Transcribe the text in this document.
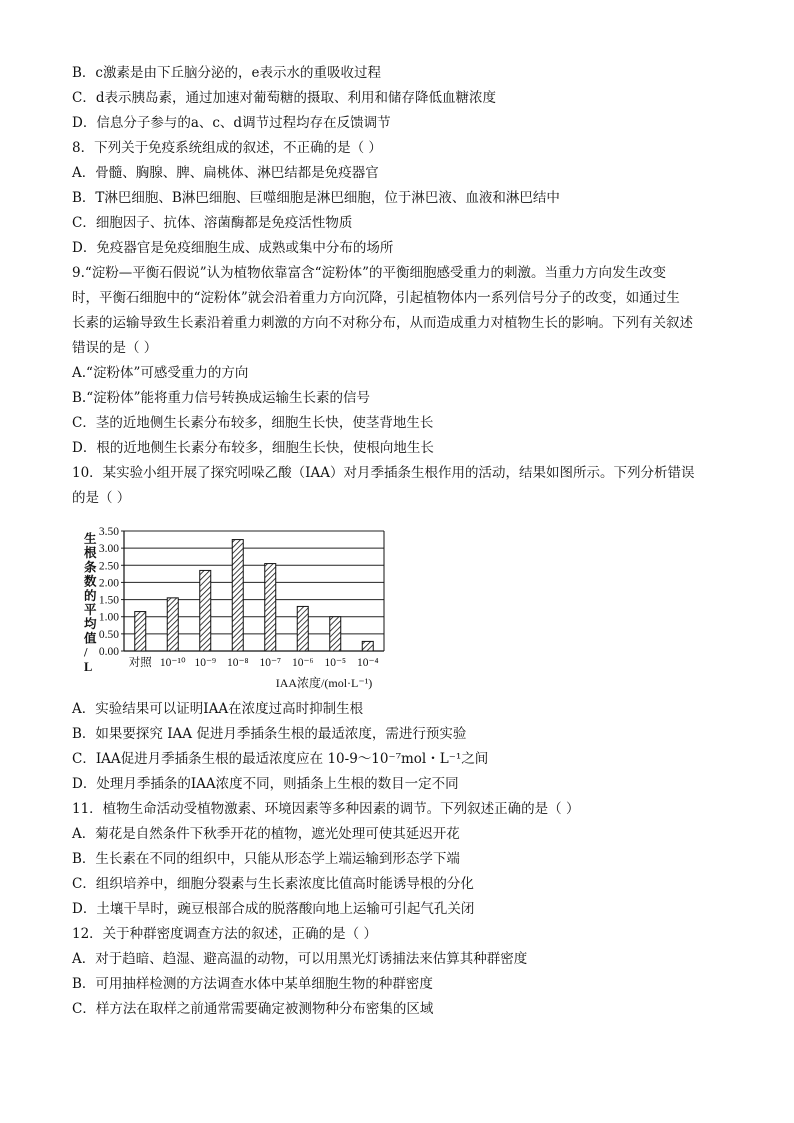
B．c激素是由下丘脑分泌的，e表示水的重吸收过程
C．d表示胰岛素，通过加速对葡萄糖的摄取、利用和储存降低血糖浓度
D．信息分子参与的a、c、d调节过程均存在反馈调节
8．下列关于免疫系统组成的叙述，不正确的是（ ）
A．骨髓、胸腺、脾、扁桃体、淋巴结都是免疫器官
B．T淋巴细胞、B淋巴细胞、巨噬细胞是淋巴细胞，位于淋巴液、血液和淋巴结中
C．细胞因子、抗体、溶菌酶都是免疫活性物质
D．免疫器官是免疫细胞生成、成熟或集中分布的场所
9.“淀粉—平衡石假说”认为植物依靠富含“淀粉体”的平衡细胞感受重力的刺激。当重力方向发生改变
时，平衡石细胞中的“淀粉体”就会沿着重力方向沉降，引起植物体内一系列信号分子的改变，如通过生
长素的运输导致生长素沿着重力刺激的方向不对称分布，从而造成重力对植物生长的影响。下列有关叙述
错误的是（ ）
A.“淀粉体”可感受重力的方向
B.“淀粉体”能将重力信号转换成运输生长素的信号
C．茎的近地侧生长素分布较多，细胞生长快，使茎背地生长
D．根的近地侧生长素分布较多，细胞生长快，使根向地生长
10．某实验小组开展了探究吲哚乙酸（IAA）对月季插条生根作用的活动，结果如图所示。下列分析错误
的是（ ）
0.00
0.50
1.00
1.50
2.00
2.50
3.00
3.50
对照 10⁻¹⁰ 10⁻⁹ 10⁻⁸ 10⁻⁷ 10⁻⁶ 10⁻⁵ 10⁻⁴
生根条数的平均值/ L
IAA浓度/(mol·L⁻¹)
A．实验结果可以证明IAA在浓度过高时抑制生根
B．如果要探究 IAA 促进月季插条生根的最适浓度，需进行预实验
C．IAA促进月季插条生根的最适浓度应在 10-9～10⁻⁷mol・L⁻¹之间
D．处理月季插条的IAA浓度不同，则插条上生根的数目一定不同
11．植物生命活动受植物激素、环境因素等多种因素的调节。下列叙述正确的是（ ）
A．菊花是自然条件下秋季开花的植物，遮光处理可使其延迟开花
B．生长素在不同的组织中，只能从形态学上端运输到形态学下端
C．组织培养中，细胞分裂素与生长素浓度比值高时能诱导根的分化
D．土壤干旱时，豌豆根部合成的脱落酸向地上运输可引起气孔关闭
12．关于种群密度调查方法的叙述，正确的是（ ）
A．对于趋暗、趋湿、避高温的动物，可以用黑光灯诱捕法来估算其种群密度
B．可用抽样检测的方法调查水体中某单细胞生物的种群密度
C．样方法在取样之前通常需要确定被测物种分布密集的区域
